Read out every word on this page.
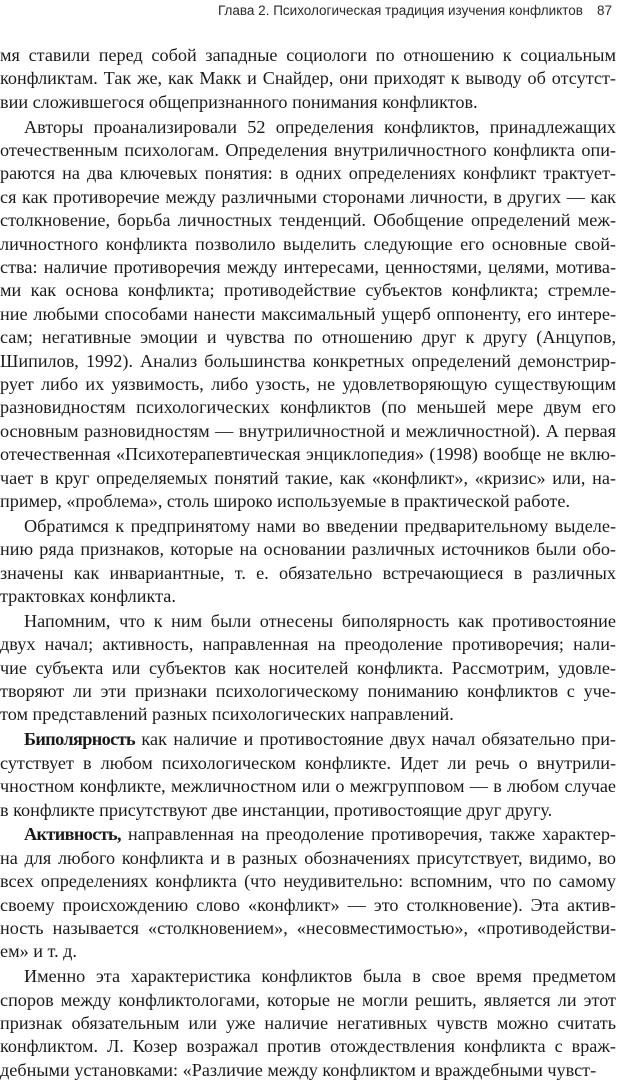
Глава 2. Психологическая традиция изучения конфликтов 87
мя ставили перед собой западные социологи по отношению к социальным
конфликтам. Так же, как Макк и Снайдер, они приходят к выводу об отсутст-
вии сложившегося общепризнанного понимания конфликтов.
Авторы проанализировали 52 определения конфликтов, принадлежащих
отечественным психологам. Определения внутриличностного конфликта опи-
раются на два ключевых понятия: в одних определениях конфликт трактует-
ся как противоречие между различными сторонами личности, в других — как
столкновение, борьба личностных тенденций. Обобщение определений меж-
личностного конфликта позволило выделить следующие его основные свой-
ства: наличие противоречия между интересами, ценностями, целями, мотива-
ми как основа конфликта; противодействие субъектов конфликта; стремле-
ние любыми способами нанести максимальный ущерб оппоненту, его интере-
сам; негативные эмоции и чувства по отношению друг к другу (Анцупов,
Шипилов, 1992). Анализ большинства конкретных определений демонстрир-
рует либо их уязвимость, либо узость, не удовлетворяющую существующим
разновидностям психологических конфликтов (по меньшей мере двум его
основным разновидностям — внутриличностной и межличностной). А первая
отечественная «Психотерапевтическая энциклопедия» (1998) вообще не вклю-
чает в круг определяемых понятий такие, как «конфликт», «кризис» или, на-
пример, «проблема», столь широко используемые в практической работе.
Обратимся к предпринятому нами во введении предварительному выделе-
нию ряда признаков, которые на основании различных источников были обо-
значены как инвариантные, т. е. обязательно встречающиеся в различных
трактовках конфликта.
Напомним, что к ним были отнесены биполярность как противостояние
двух начал; активность, направленная на преодоление противоречия; нали-
чие субъекта или субъектов как носителей конфликта. Рассмотрим, удовле-
творяют ли эти признаки психологическому пониманию конфликтов с уче-
том представлений разных психологических направлений.
Биполярность как наличие и противостояние двух начал обязательно при-
сутствует в любом психологическом конфликте. Идет ли речь о внутрили-
чностном конфликте, межличностном или о межгрупповом — в любом случае
в конфликте присутствуют две инстанции, противостоящие друг другу.
Активность, направленная на преодоление противоречия, также характер-
на для любого конфликта и в разных обозначениях присутствует, видимо, во
всех определениях конфликта (что неудивительно: вспомним, что по самому
своему происхождению слово «конфликт» — это столкновение). Эта актив-
ность называется «столкновением», «несовместимостью», «противодействи-
ем» и т. д.
Именно эта характеристика конфликтов была в свое время предметом
споров между конфликтологами, которые не могли решить, является ли этот
признак обязательным или уже наличие негативных чувств можно считать
конфликтом. Л. Козер возражал против отождествления конфликта с враж-
дебными установками: «Различие между конфликтом и враждебными чувст-
